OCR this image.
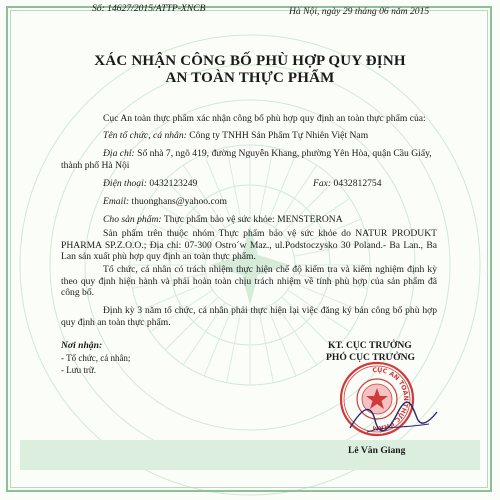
Số: 14627/2015/ATTP-XNCB	Hà Nội, ngày 29 tháng 06 năm 2015
XÁC NHẬN CÔNG BỐ PHÙ HỢP QUY ĐỊNH
AN TOÀN THỰC PHẨM
Cục An toàn thực phẩm xác nhận công bố phù hợp quy định an toàn thực phẩm của:
Tên tổ chức, cá nhân: Công ty TNHH Sản Phẩm Tự Nhiên Việt Nam
Địa chỉ: Số nhà 7, ngõ 419, đường Nguyễn Khang, phường Yên Hòa, quận Cầu Giấy,
thành phố Hà Nội
Điện thoại: 0432123249	Fax: 0432812754
Email: thuonghans@yahoo.com
Cho sản phẩm: Thực phẩm bảo vệ sức khỏe: MENSTERONA
Sản phẩm trên thuộc nhóm Thực phẩm bảo vệ sức khỏe do NATUR PRODUKT PHARMA SP.Z.O.O.; Địa chỉ: 07-300 Ostro´w Maz., ul.Podstoczysko 30 Poland.- Ba Lan., Ba Lan sản xuất phù hợp quy định an toàn thực phẩm.
Tổ chức, cá nhân có trách nhiệm thực hiện chế độ kiểm tra và kiểm nghiệm định kỳ theo quy định hiện hành và phải hoàn toàn chịu trách nhiệm về tính phù hợp của sản phẩm đã công bố.
Định kỳ 3 năm tổ chức, cá nhân phải thực hiện lại việc đăng ký bản công bố phù hợp quy định an toàn thực phẩm.
Nơi nhận:
- Tổ chức, cá nhân;
- Lưu trữ.
KT. CỤC TRƯỞNG
PHÓ CỤC TRƯỞNG
CỤC AN TOÀN THỰC PHẨM
Lê Văn Giang
